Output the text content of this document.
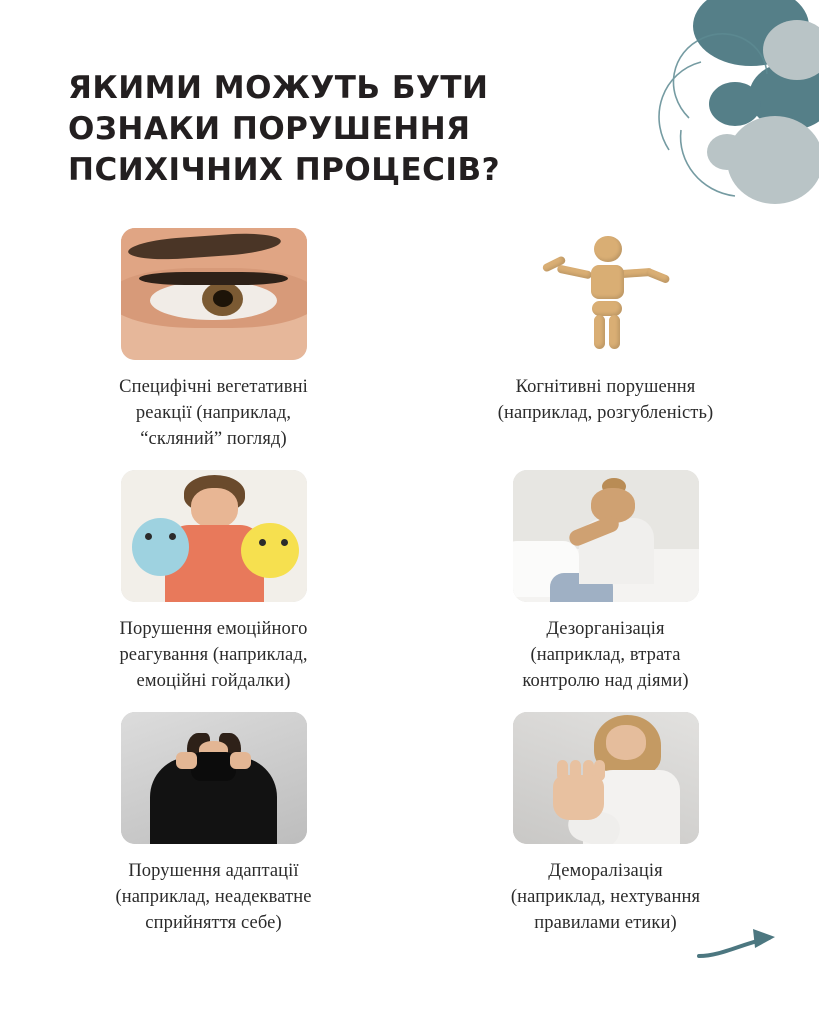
ЯКИМИ МОЖУТЬ БУТИ
ОЗНАКИ ПОРУШЕННЯ
ПСИХІЧНИХ ПРОЦЕСІВ?
Специфічні вегетативні
реакції (наприклад,
“скляний” погляд)
Когнітивні порушення
(наприклад, розгубленість)
Порушення емоційного
реагування (наприклад,
емоційні гойдалки)
Дезорганізація
(наприклад, втрата
контролю над діями)
Порушення адаптації
(наприклад, неадекватне
сприйняття себе)
Деморалізація
(наприклад, нехтування
правилами етики)
